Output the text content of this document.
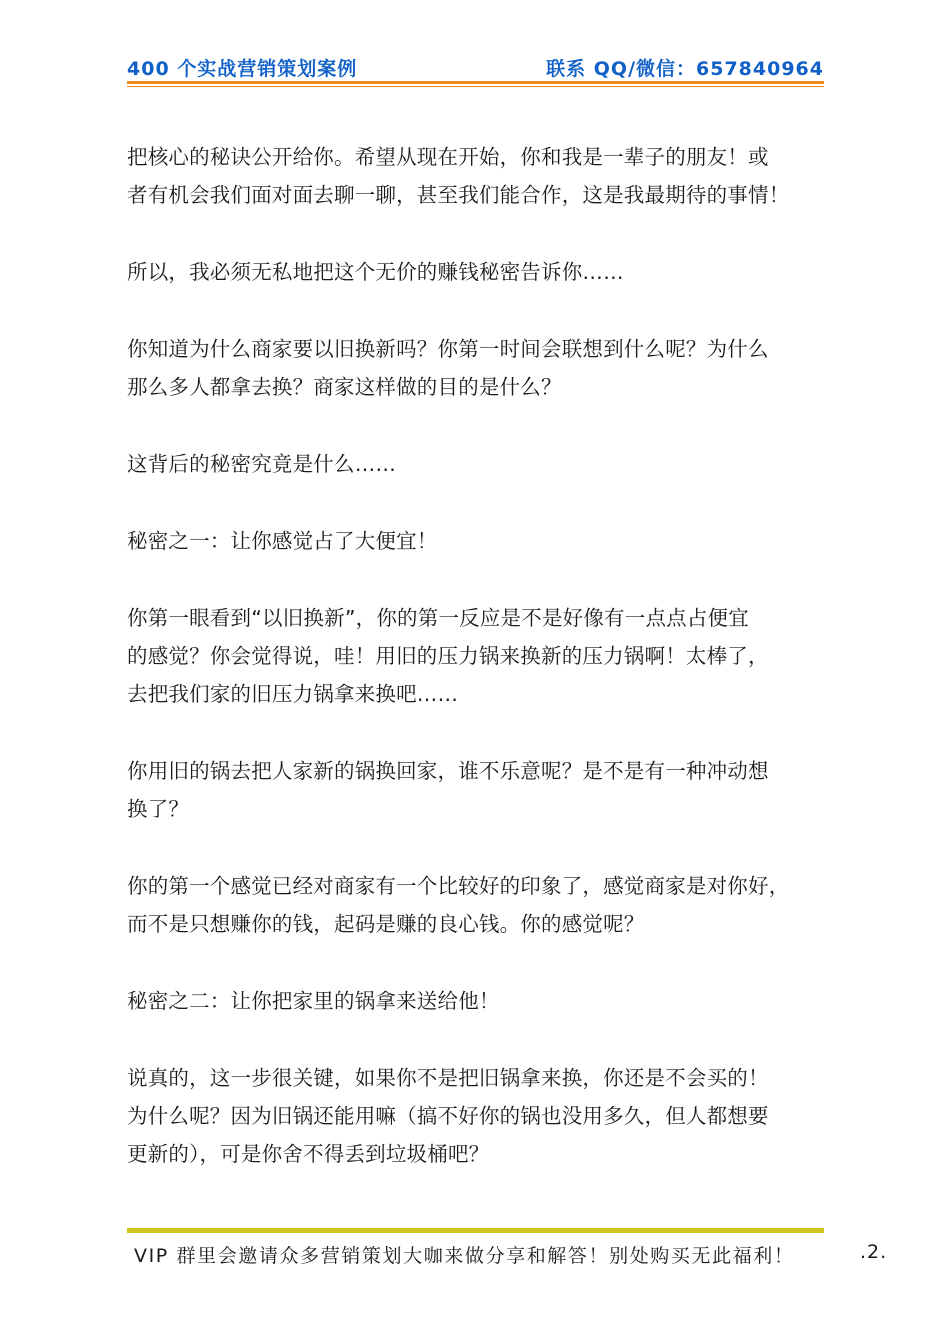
400 个实战营销策划案例	联系 QQ/微信：657840964

把核心的秘诀公开给你。希望从现在开始，你和我是一辈子的朋友！或
者有机会我们面对面去聊一聊，甚至我们能合作，这是我最期待的事情！

所以，我必须无私地把这个无价的赚钱秘密告诉你……

你知道为什么商家要以旧换新吗？你第一时间会联想到什么呢？为什么
那么多人都拿去换？商家这样做的目的是什么？

这背后的秘密究竟是什么……

秘密之一：让你感觉占了大便宜！

你第一眼看到“以旧换新”，你的第一反应是不是好像有一点点占便宜
的感觉？你会觉得说，哇！用旧的压力锅来换新的压力锅啊！太棒了，
去把我们家的旧压力锅拿来换吧……

你用旧的锅去把人家新的锅换回家，谁不乐意呢？是不是有一种冲动想
换了？

你的第一个感觉已经对商家有一个比较好的印象了，感觉商家是对你好，
而不是只想赚你的钱，起码是赚的良心钱。你的感觉呢？

秘密之二：让你把家里的锅拿来送给他！

说真的，这一步很关键，如果你不是把旧锅拿来换，你还是不会买的！
为什么呢？因为旧锅还能用嘛（搞不好你的锅也没用多久，但人都想要
更新的），可是你舍不得丢到垃圾桶吧？

VIP 群里会邀请众多营销策划大咖来做分享和解答！别处购买无此福利！	.2.
